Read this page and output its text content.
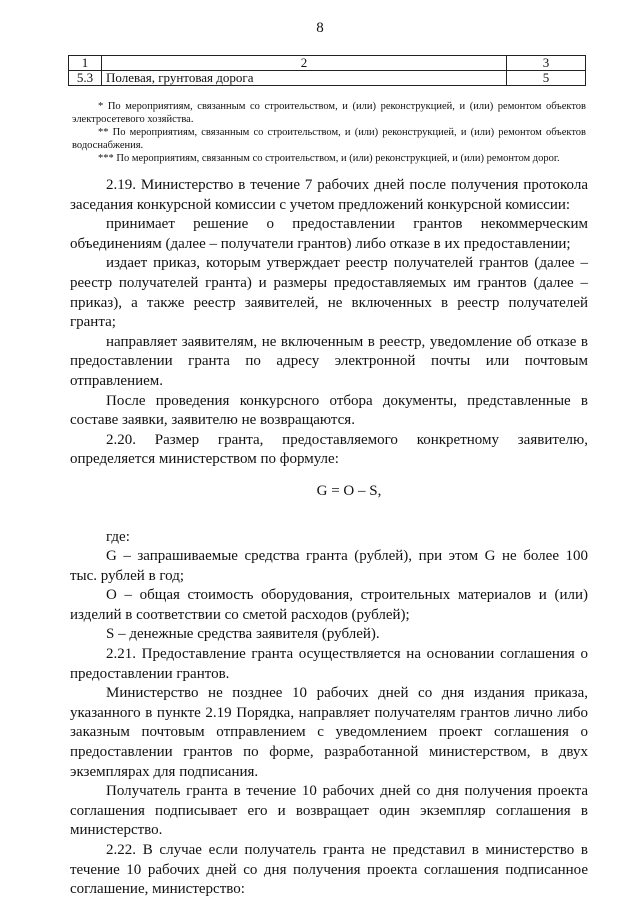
8
1	2	3
5.3	Полевая, грунтовая дорога	5

* По мероприятиям, связанным со строительством, и (или) реконструкцией, и (или) ремонтом объектов электросетевого хозяйства.

** По мероприятиям, связанным со строительством, и (или) реконструкцией, и (или) ремонтом объектов водоснабжения.

*** По мероприятиям, связанным со строительством, и (или) реконструкцией, и (или) ремонтом дорог.

2.19. Министерство в течение 7 рабочих дней после получения протокола заседания конкурсной комиссии с учетом предложений конкурсной комиссии:

принимает решение о предоставлении грантов некоммерческим объединениям (далее – получатели грантов) либо отказе в их предоставлении;

издает приказ, которым утверждает реестр получателей грантов (далее – реестр получателей гранта) и размеры предоставляемых им грантов (далее – приказ), а также реестр заявителей, не включенных в реестр получателей гранта;

направляет заявителям, не включенным в реестр, уведомление об отказе в предоставлении гранта по адресу электронной почты или почтовым отправлением.

После проведения конкурсного отбора документы, представленные в составе заявки, заявителю не возвращаются.

2.20. Размер гранта, предоставляемого конкретному заявителю, определяется министерством по формуле:

G = O – S,

где:

G – запрашиваемые средства гранта (рублей), при этом G не более 100 тыс. рублей в год;

O – общая стоимость оборудования, строительных материалов и (или) изделий в соответствии со сметой расходов (рублей);

S – денежные средства заявителя (рублей).

2.21. Предоставление гранта осуществляется на основании соглашения о предоставлении грантов.

Министерство не позднее 10 рабочих дней со дня издания приказа, указанного в пункте 2.19 Порядка, направляет получателям грантов лично либо заказным почтовым отправлением с уведомлением проект соглашения о предоставлении грантов по форме, разработанной министерством, в двух экземплярах для подписания.

Получатель гранта в течение 10 рабочих дней со дня получения проекта соглашения подписывает его и возвращает один экземпляр соглашения в министерство.

2.22. В случае если получатель гранта не представил в министерство в течение 10 рабочих дней со дня получения проекта соглашения подписанное соглашение, министерство:
